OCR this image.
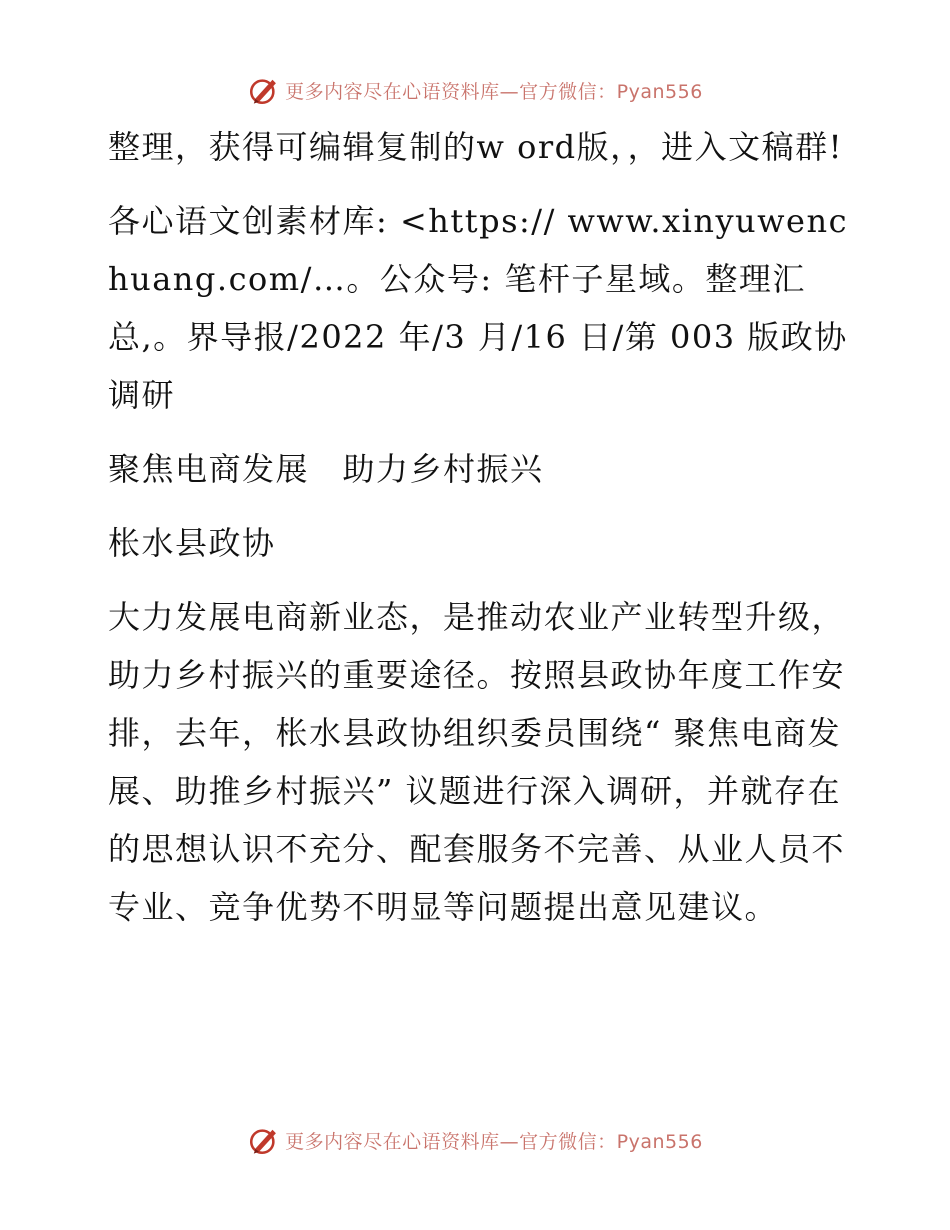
更多内容尽在心语资料库—官方微信：Pyan556

整理，获得可编辑复制的w ord版，，进入文稿群!

各心语文创素材库: <https:// www.xinyuwenchuang.com/…。公众号: 笔杆子星域。整理汇总,。界导报/2022 年/3 月/16 日/第 003 版政协调研

聚焦电商发展　助力乡村振兴

枨水县政协

大力发展电商新业态，是推动农业产业转型升级，助力乡村振兴的重要途径。按照县政协年度工作安排，去年，枨水县政协组织委员围绕“ 聚焦电商发展、助推乡村振兴” 议题进行深入调研，并就存在的思想认识不充分、配套服务不完善、从业人员不专业、竞争优势不明显等问题提出意见建议。

更多内容尽在心语资料库—官方微信：Pyan556
